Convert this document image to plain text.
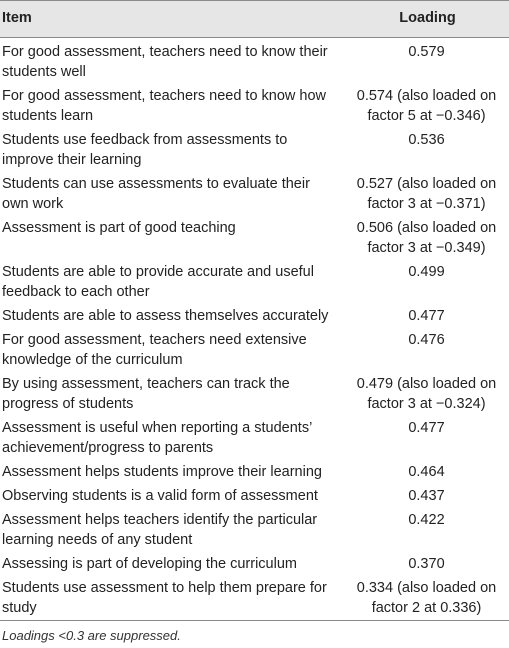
Item	Loading
For good assessment, teachers need to know their students well	0.579
For good assessment, teachers need to know how students learn	0.574 (also loaded on factor 5 at −0.346)
Students use feedback from assessments to improve their learning	0.536
Students can use assessments to evaluate their own work	0.527 (also loaded on factor 3 at −0.371)
Assessment is part of good teaching	0.506 (also loaded on factor 3 at −0.349)
Students are able to provide accurate and useful feedback to each other	0.499
Students are able to assess themselves accurately	0.477
For good assessment, teachers need extensive knowledge of the curriculum	0.476
By using assessment, teachers can track the progress of students	0.479 (also loaded on factor 3 at −0.324)
Assessment is useful when reporting a students’ achievement/progress to parents	0.477
Assessment helps students improve their learning	0.464
Observing students is a valid form of assessment	0.437
Assessment helps teachers identify the particular learning needs of any student	0.422
Assessing is part of developing the curriculum	0.370
Students use assessment to help them prepare for study	0.334 (also loaded on factor 2 at 0.336)
Loadings <0.3 are suppressed.
